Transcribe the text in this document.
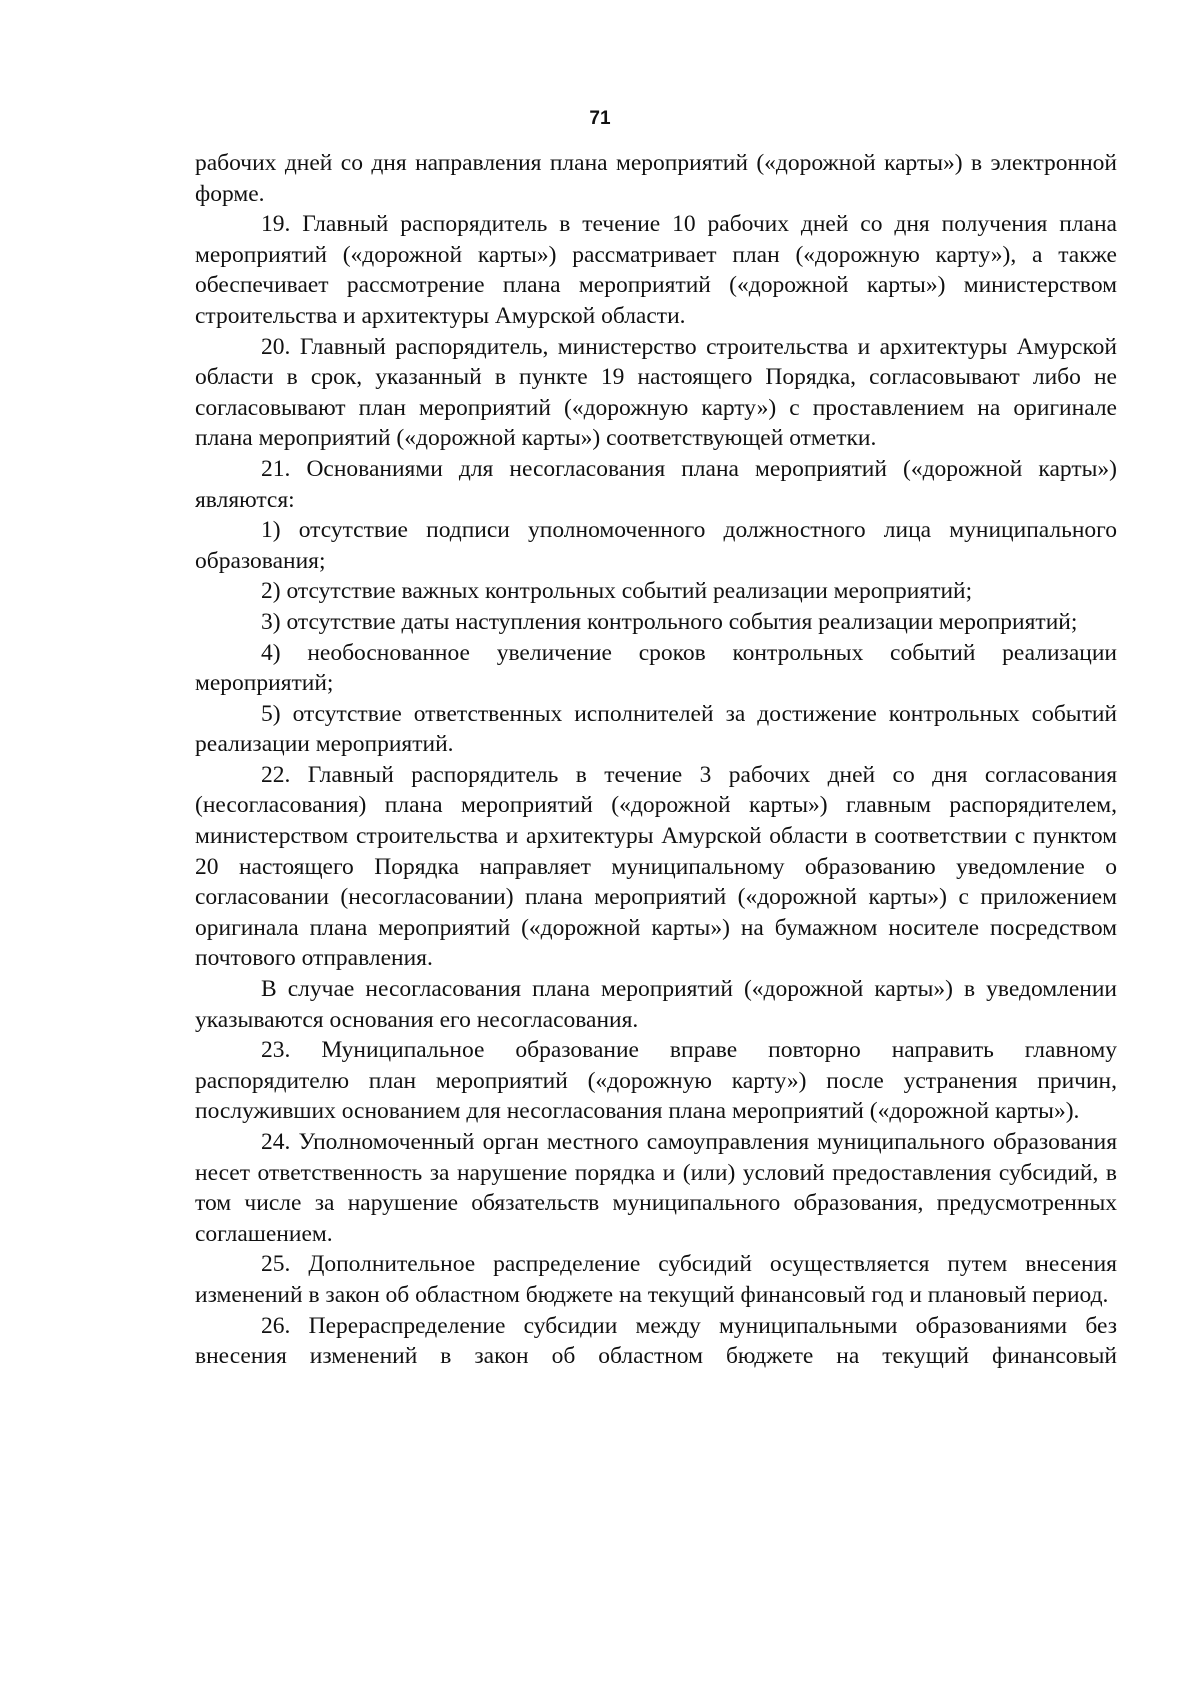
71

рабочих дней со дня направления плана мероприятий («дорожной карты») в электронной форме.

19. Главный распорядитель в течение 10 рабочих дней со дня получения плана мероприятий («дорожной карты») рассматривает план («дорожную карту»), а также обеспечивает рассмотрение плана мероприятий («дорожной карты») министерством строительства и архитектуры Амурской области.

20. Главный распорядитель, министерство строительства и архитектуры Амурской области в срок, указанный в пункте 19 настоящего Порядка, согласовывают либо не согласовывают план мероприятий («дорожную карту») с проставлением на оригинале плана мероприятий («дорожной карты») соответствующей отметки.

21. Основаниями для несогласования плана мероприятий («дорожной карты») являются:

1) отсутствие подписи уполномоченного должностного лица муниципального образования;

2) отсутствие важных контрольных событий реализации мероприятий;

3) отсутствие даты наступления контрольного события реализации мероприятий;

4) необоснованное увеличение сроков контрольных событий реализации мероприятий;

5) отсутствие ответственных исполнителей за достижение контрольных событий реализации мероприятий.

22. Главный распорядитель в течение 3 рабочих дней со дня согласования (несогласования) плана мероприятий («дорожной карты») главным распорядителем, министерством строительства и архитектуры Амурской области в соответствии с пунктом 20 настоящего Порядка направляет муниципальному образованию уведомление о согласовании (несогласовании) плана мероприятий («дорожной карты») с приложением оригинала плана мероприятий («дорожной карты») на бумажном носителе посредством почтового отправления.

В случае несогласования плана мероприятий («дорожной карты») в уведомлении указываются основания его несогласования.

23. Муниципальное образование вправе повторно направить главному распорядителю план мероприятий («дорожную карту») после устранения причин, послуживших основанием для несогласования плана мероприятий («дорожной карты»).

24. Уполномоченный орган местного самоуправления муниципального образования несет ответственность за нарушение порядка и (или) условий предоставления субсидий, в том числе за нарушение обязательств муниципального образования, предусмотренных соглашением.

25. Дополнительное распределение субсидий осуществляется путем внесения изменений в закон об областном бюджете на текущий финансовый год и плановый период.

26. Перераспределение субсидии между муниципальными образованиями без внесения изменений в закон об областном бюджете на текущий финансовый
